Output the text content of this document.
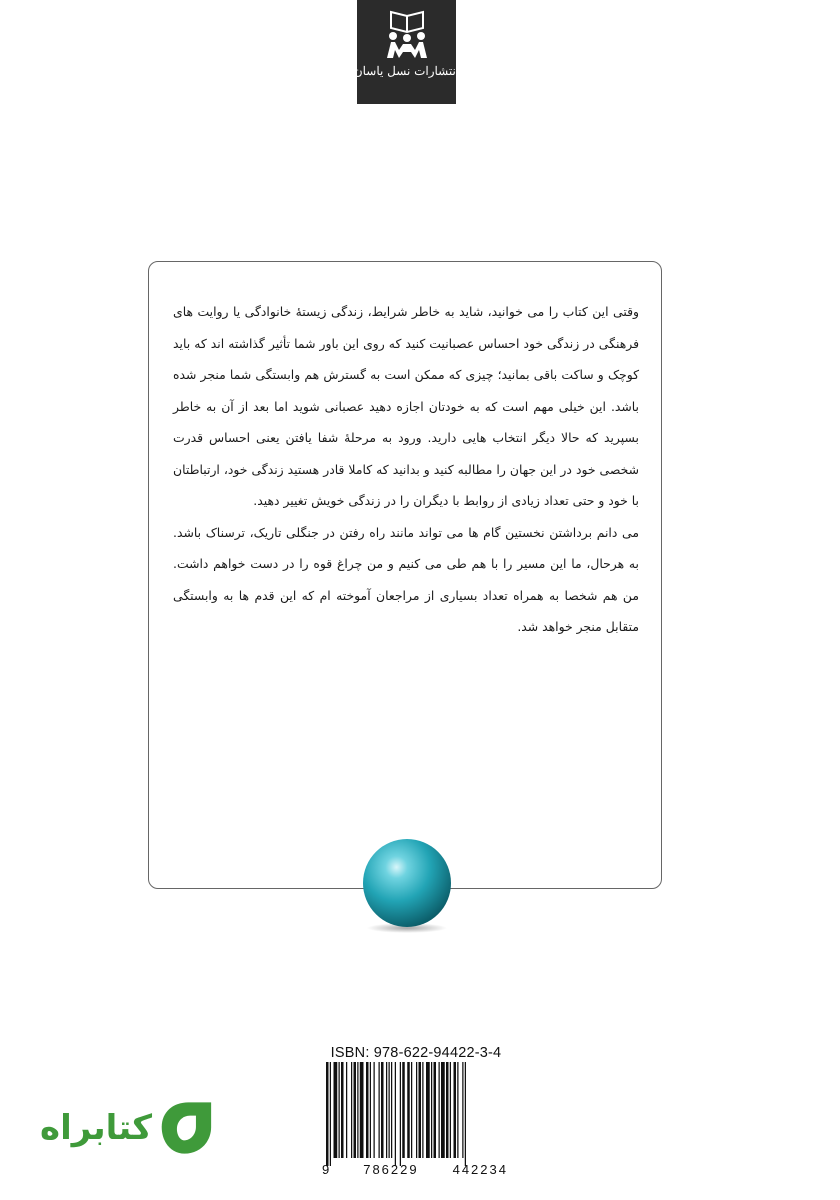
انتشارات نسل یاسان

وقتی این کتاب را می خوانید، شاید به خاطر شرایط، زندگی زیستهٔ خانوادگی یا روایت های فرهنگی در زندگی خود احساس عصبانیت کنید که روی این باور شما تأثیر گذاشته اند که باید کوچک و ساکت باقی بمانید؛ چیزی که ممکن است به گسترش هم وابستگی شما منجر شده باشد. این خیلی مهم است که به خودتان اجازه دهید عصبانی شوید اما بعد از آن به خاطر بسپرید که حالا دیگر انتخاب هایی دارید. ورود به مرحلهٔ شفا یافتن یعنی احساس قدرت شخصی خود در این جهان را مطالبه کنید و بدانید که کاملا قادر هستید زندگی خود، ارتباطتان با خود و حتی تعداد زیادی از روابط با دیگران را در زندگی خویش تغییر دهید.

می دانم برداشتن نخستین گام ها می تواند مانند راه رفتن در جنگلی تاریک، ترسناک باشد. به هرحال، ما این مسیر را با هم طی می کنیم و من چراغ قوه را در دست خواهم داشت. من هم شخصا به همراه تعداد بسیاری از مراجعان آموخته ام که این قدم ها به وابستگی متقابل منجر خواهد شد.

ISBN: 978-622-94422-3-4
9	786229	442234
کتابراه
